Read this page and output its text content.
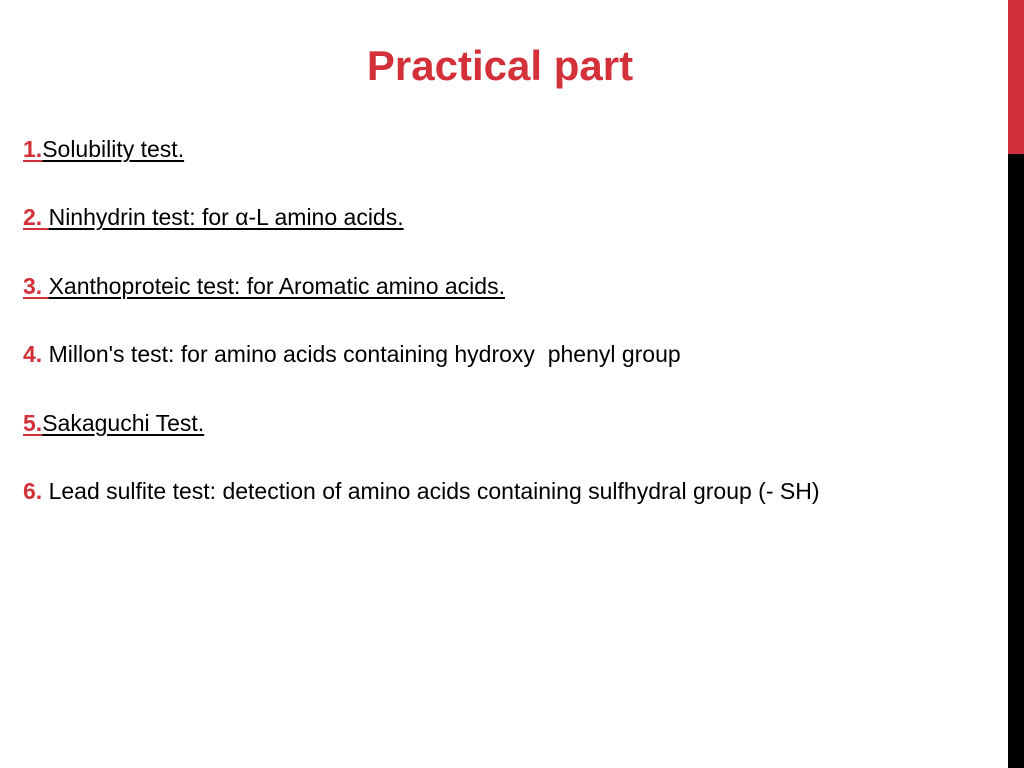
Practical part
1.Solubility test.
2. Ninhydrin test: for α-L amino acids.
3. Xanthoproteic test: for Aromatic amino acids.
4. Millon's test: for amino acids containing hydroxy  phenyl group
5.Sakaguchi Test.
6. Lead sulfite test: detection of amino acids containing sulfhydral group (- SH)
